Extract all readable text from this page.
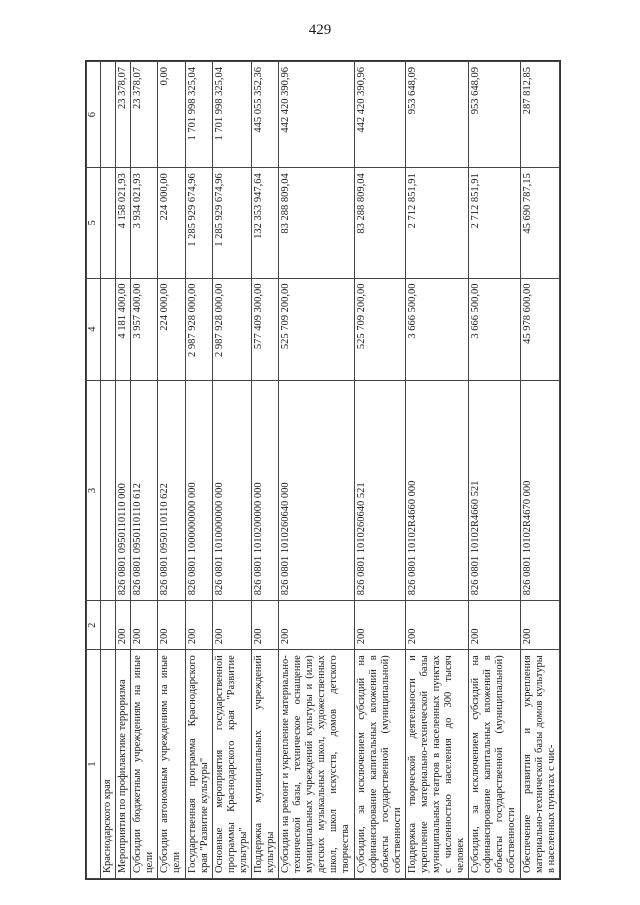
429
1	2	3	4	5	6
Краснодарского края					
Мероприятия по профилактике терроризма	200	826 0801 0950110110 000	4 181 400,00	4 158 021,93	23 378,07
Субсидии бюджетным учреждениям на иные цели	200	826 0801 0950110110 612	3 957 400,00	3 934 021,93	23 378,07
Субсидии автономным учреждениям на иные цели	200	826 0801 0950110110 622	224 000,00	224 000,00	0,00
Государственная программа Краснодарского края "Развитие культуры"	200	826 0801 1000000000 000	2 987 928 000,00	1 285 929 674,96	1 701 998 325,04
Основные мероприятия государственной программы Краснодарского края "Развитие культуры"	200	826 0801 1010000000 000	2 987 928 000,00	1 285 929 674,96	1 701 998 325,04
Поддержка муниципальных учреждений культуры	200	826 0801 1010200000 000	577 409 300,00	132 353 947,64	445 055 352,36
Субсидии на ремонт и укрепление материально-технической базы, техническое оснащение муниципальных учреждений культуры и (или) детских музыкальных школ, художественных школ, школ искусств, домов детского творчества	200	826 0801 1010260640 000	525 709 200,00	83 288 809,04	442 420 390,96
Субсидии, за исключением субсидий на софинансирование капитальных вложений в объекты государственной (муниципальной) собственности	200	826 0801 1010260640 521	525 709 200,00	83 288 809,04	442 420 390,96
Поддержка творческой деятельности и укрепление материально-технической базы муниципальных театров в населенных пунктах с численностью населения до 300 тысяч человек	200	826 0801 10102R4660 000	3 666 500,00	2 712 851,91	953 648,09
Субсидии, за исключением субсидий на софинансирование капитальных вложений в объекты государственной (муниципальной) собственности	200	826 0801 10102R4660 521	3 666 500,00	2 712 851,91	953 648,09
Обеспечение развития и укрепления материально-технической базы домов культуры в населенных пунктах с чис-	200	826 0801 10102R4670 000	45 978 600,00	45 690 787,15	287 812,85
